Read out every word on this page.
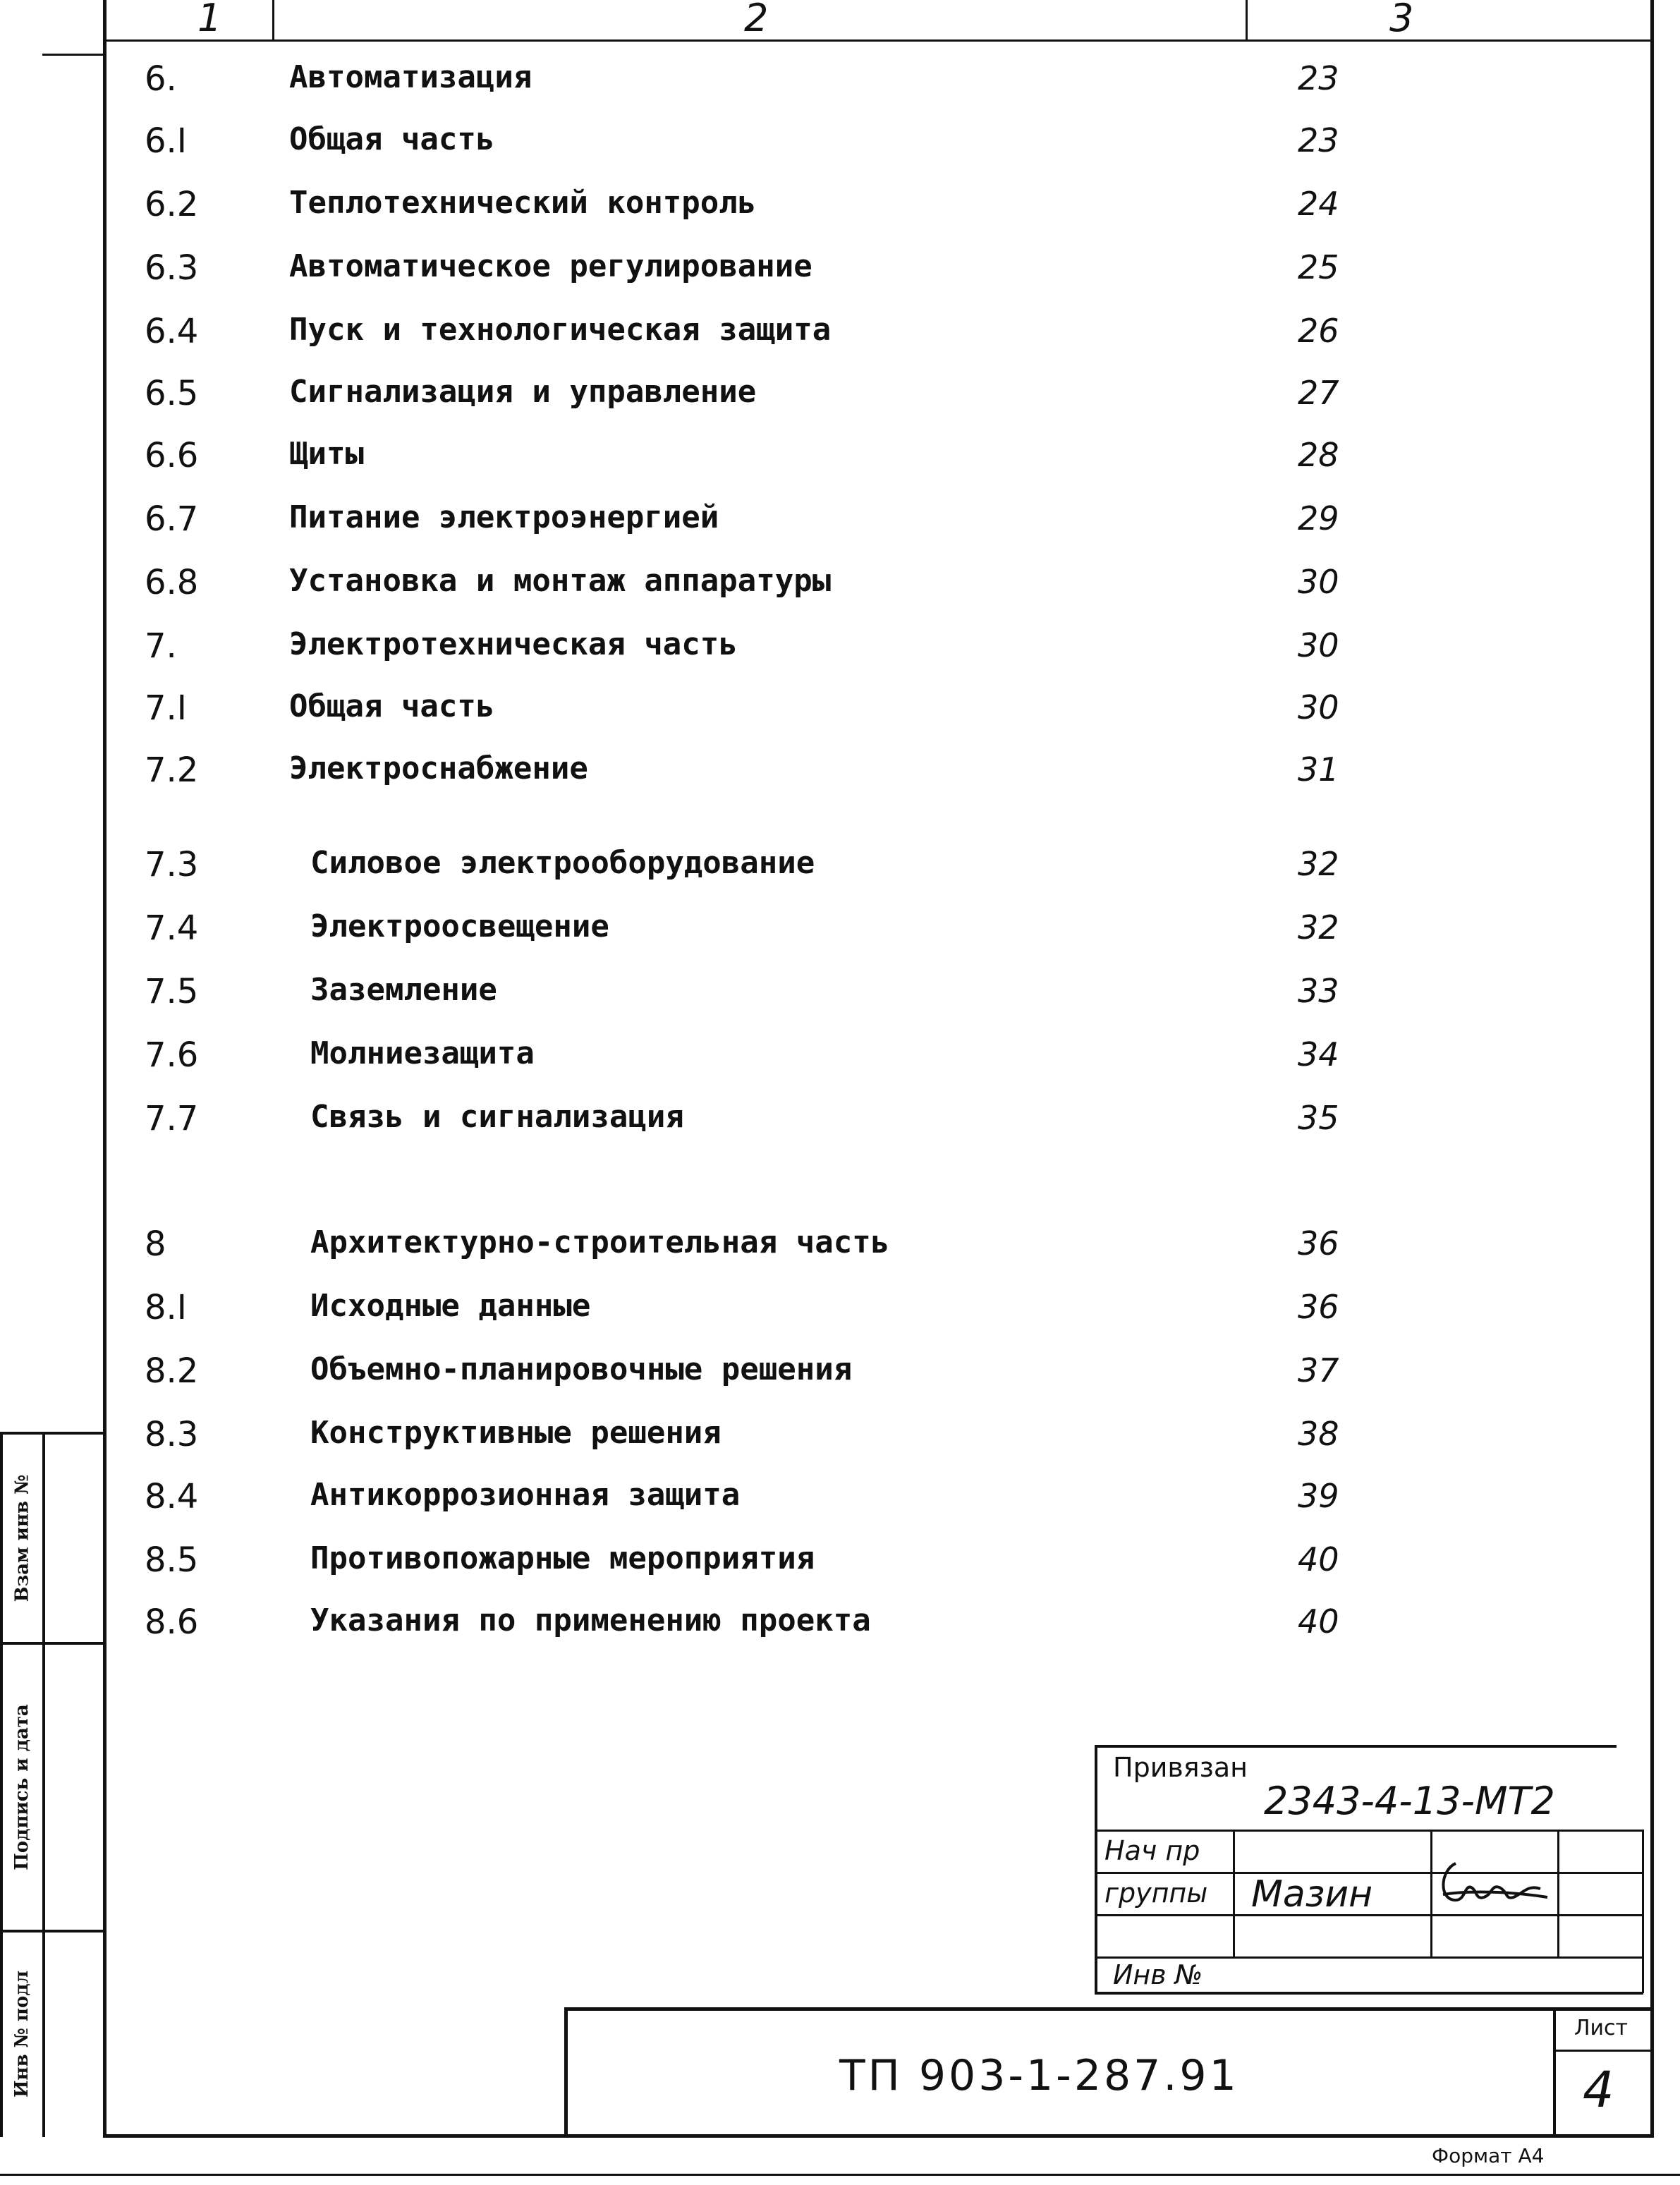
1	2	3
6.	Автоматизация	23
6.I	Общая часть	23
6.2	Теплотехнический контроль	24
6.3	Автоматическое регулирование	25
6.4	Пуск и технологическая защита	26
6.5	Сигнализация и управление	27
6.6	Щиты	28
6.7	Питание электроэнергией	29
6.8	Установка и монтаж аппаратуры	30
7.	Электротехническая часть	30
7.I	Общая часть	30
7.2	Электроснабжение	31
7.3	Силовое электрооборудование	32
7.4	Электроосвещение	32
7.5	Заземление	33
7.6	Молниезащита	34
7.7	Связь и сигнализация	35
8	Архитектурно-строительная часть	36
8.I	Исходные данные	36
8.2	Объемно-планировочные решения	37
8.3	Конструктивные решения	38
8.4	Антикоррозионная защита	39
8.5	Противопожарные мероприятия	40
8.6	Указания по применению проекта	40
Взам инв №
Подпись и дата
Инв № подл
Привязан
2343-4-13-МТ2
Нач пр
группы Мазин
Инв №
ТП 903-1-287.91
Лист
4
Формат А4
